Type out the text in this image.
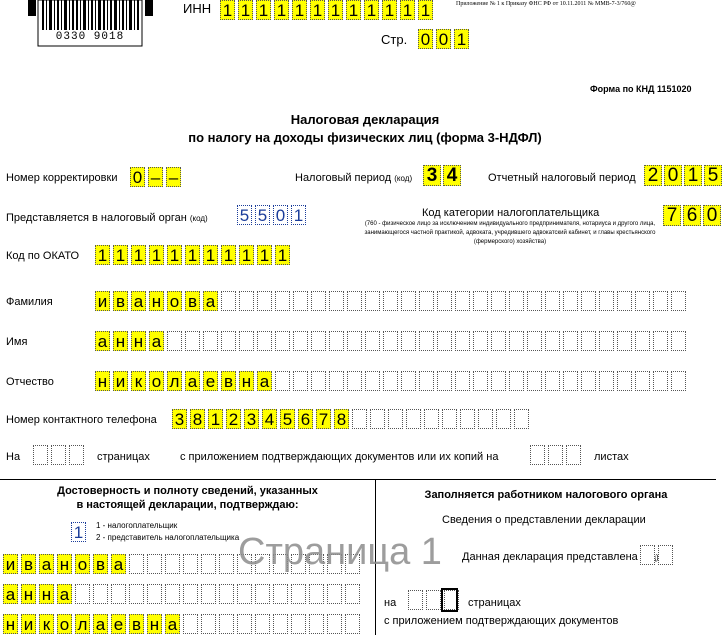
0330 9018
ИНН 1 1 1 1 1 1 1 1 1 1 1 1
Стр. 0 0 1
Приложение № 1 к Приказу ФНС РФ от 10.11.2011 № ММВ-7-3/760@
Форма по КНД 1151020
Налоговая декларация
по налогу на доходы физических лиц (форма 3-НДФЛ)
Номер корректировки 0 – –	Налоговый период (код) 3 4	Отчетный налоговый период 2 0 1 5
Представляется в налоговый орган (код) 5 5 0 1	Код категории налогоплательщика
(760 - физическое лицо за исключением индивидуального предпринимателя, нотариуса и другого лица, занимающегося частной практикой, адвоката, учредившего адвокатский кабинет, и главы крестьянского (фермерского) хозяйства)
7 6 0
Код по ОКАТО 1 1 1 1 1 1 1 1 1 1 1
Фамилия	и в а н о в а
Имя	а н н а
Отчество	н и к о л а е в н а
Номер контактного телефона 3 8 1 2 3 4 5 6 7 8
На	страницах	с приложением подтверждающих документов или их копий на	листах
Достоверность и полноту сведений, указанных
в настоящей декларации, подтверждаю:
1	1 - налогоплательщик
2 - представитель налогоплательщика
и в а н о в а
а н н а
н и к о л а е в н а
Заполняется работником налогового органа
Сведения о представлении декларации
Данная декларация представлена
на	страницах
с приложением подтверждающих документов
Страница 1
